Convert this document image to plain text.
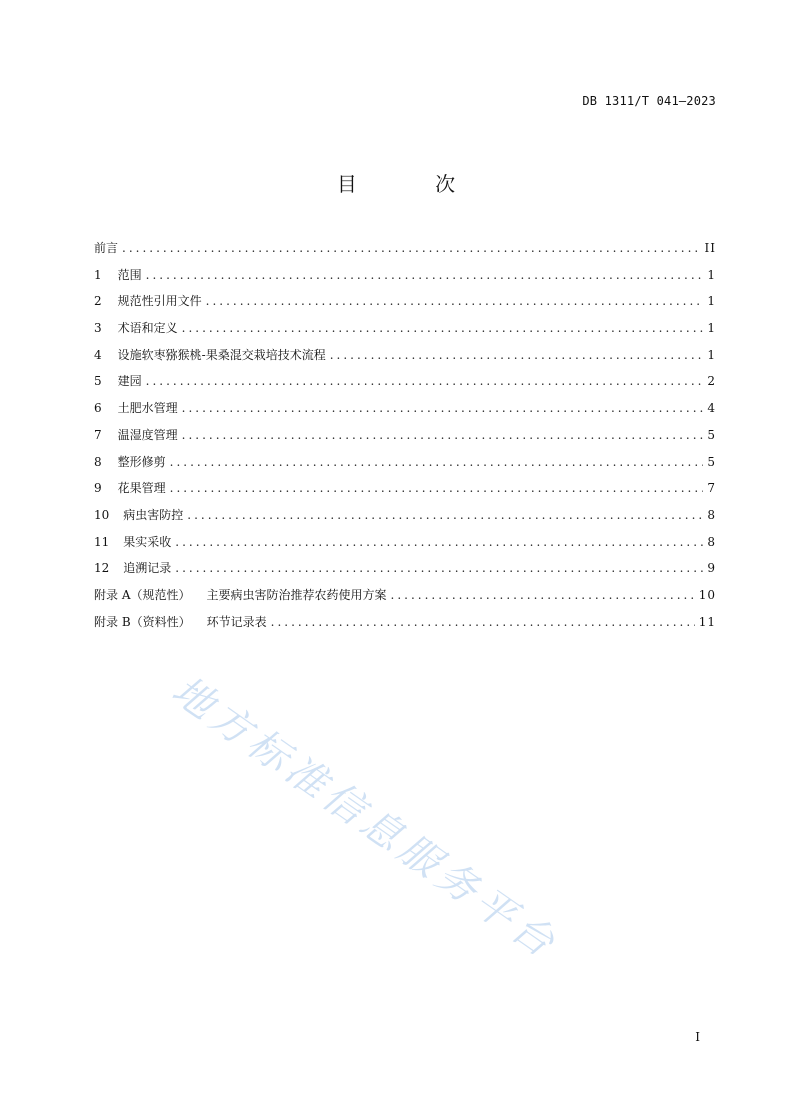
DB 1311/T 041—2023
目 次
前言 .....	II
1 范围 .....	1
2 规范性引用文件 .....	1
3 术语和定义 .....	1
4 设施软枣猕猴桃-果桑混交栽培技术流程 .....	1
5 建园 .....	2
6 土肥水管理 .....	4
7 温湿度管理 .....	5
8 整形修剪 .....	5
9 花果管理 .....	7
10 病虫害防控 .....	8
11 果实采收 .....	8
12 追溯记录 .....	9
附录 A（规范性） 主要病虫害防治推荐农药使用方案 .....	10
附录 B（资料性） 环节记录表 .....	11
地方标准信息服务平台
I
